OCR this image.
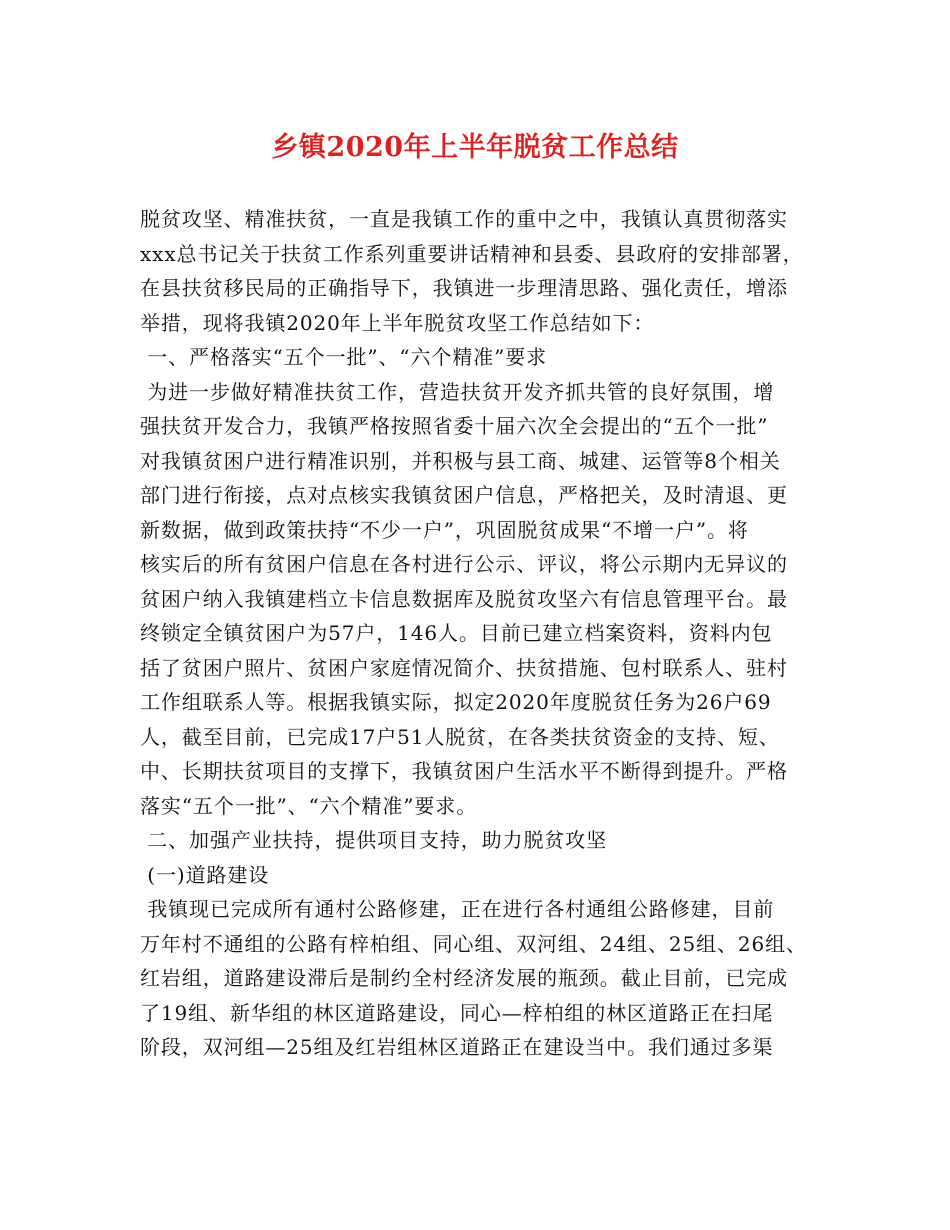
乡镇2020年上半年脱贫工作总结
脱贫攻坚、精准扶贫，一直是我镇工作的重中之中，我镇认真贯彻落实
xxx总书记关于扶贫工作系列重要讲话精神和县委、县政府的安排部署，
在县扶贫移民局的正确指导下，我镇进一步理清思路、强化责任，增添
举措，现将我镇2020年上半年脱贫攻坚工作总结如下：
一、严格落实“五个一批”、“六个精准”要求
为进一步做好精准扶贫工作，营造扶贫开发齐抓共管的良好氛围，增
强扶贫开发合力，我镇严格按照省委十届六次全会提出的“五个一批”
对我镇贫困户进行精准识别，并积极与县工商、城建、运管等8个相关
部门进行衔接，点对点核实我镇贫困户信息，严格把关，及时清退、更
新数据，做到政策扶持“不少一户”，巩固脱贫成果“不增一户”。将
核实后的所有贫困户信息在各村进行公示、评议，将公示期内无异议的
贫困户纳入我镇建档立卡信息数据库及脱贫攻坚六有信息管理平台。最
终锁定全镇贫困户为57户，146人。目前已建立档案资料，资料内包
括了贫困户照片、贫困户家庭情况简介、扶贫措施、包村联系人、驻村
工作组联系人等。根据我镇实际，拟定2020年度脱贫任务为26户69
人，截至目前，已完成17户51人脱贫，在各类扶贫资金的支持、短、
中、长期扶贫项目的支撑下，我镇贫困户生活水平不断得到提升。严格
落实“五个一批”、“六个精准”要求。
二、加强产业扶持，提供项目支持，助力脱贫攻坚
(一)道路建设
我镇现已完成所有通村公路修建，正在进行各村通组公路修建，目前
万年村不通组的公路有梓柏组、同心组、双河组、24组、25组、26组、
红岩组，道路建设滞后是制约全村经济发展的瓶颈。截止目前，已完成
了19组、新华组的林区道路建设，同心—梓柏组的林区道路正在扫尾
阶段，双河组—25组及红岩组林区道路正在建设当中。我们通过多渠
